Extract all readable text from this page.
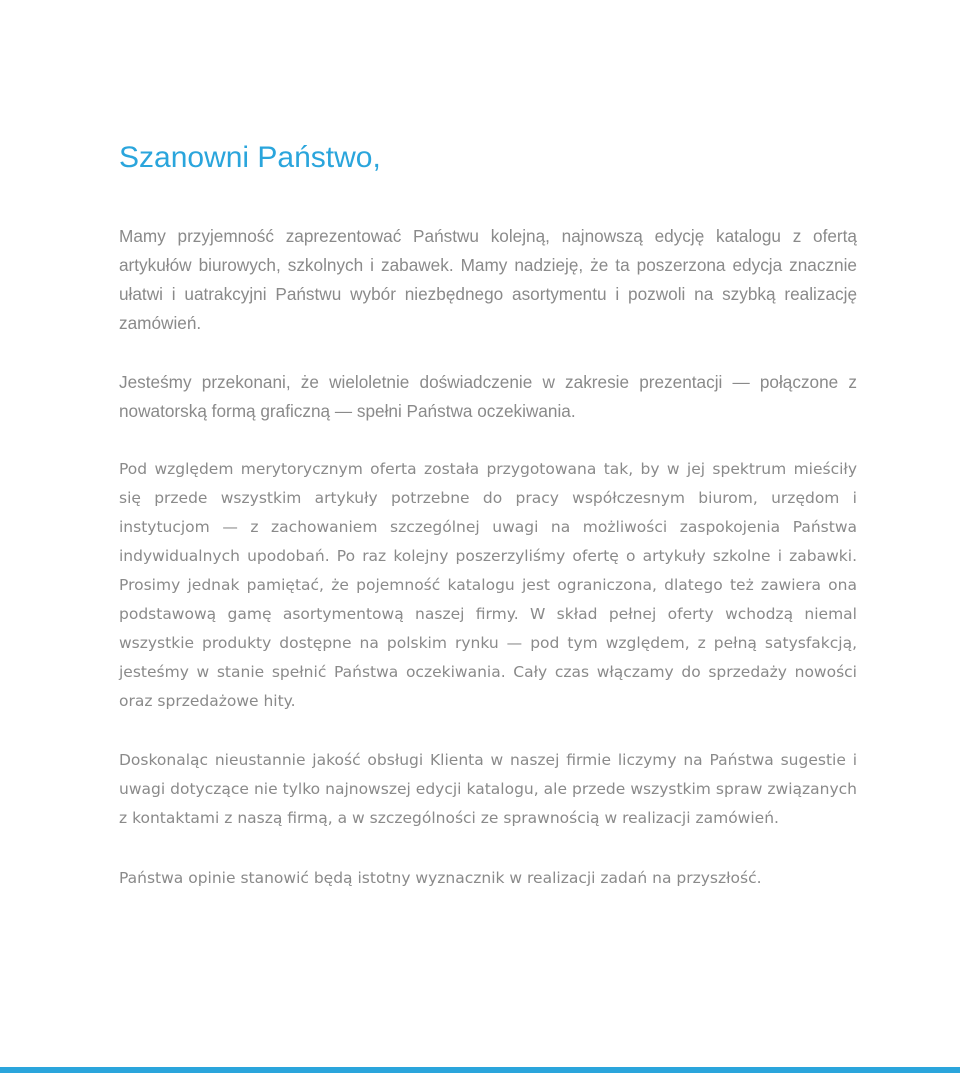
Szanowni Państwo,

Mamy przyjemność zaprezentować Państwu kolejną, najnowszą edycję katalogu z ofertą artykułów biurowych, szkolnych i zabawek. Mamy nadzieję, że ta poszerzona edycja znacznie ułatwi i uatrakcyjni Państwu wybór niezbędnego asortymentu i pozwoli na szybką realizację zamówień.

Jesteśmy przekonani, że wieloletnie doświadczenie w zakresie prezentacji — połączone z nowatorską formą graficzną — spełni Państwa oczekiwania.

Pod względem merytorycznym oferta została przygotowana tak, by w jej spektrum mieściły się przede wszystkim artykuły potrzebne do pracy współczesnym biurom, urzędom i instytucjom — z zachowaniem szczególnej uwagi na możliwości zaspokojenia Państwa indywidualnych upodobań. Po raz kolejny poszerzyliśmy ofertę o artykuły szkolne i zabawki. Prosimy jednak pamiętać, że pojemność katalogu jest ograniczona, dlatego też zawiera ona podstawową gamę asortymentową naszej firmy. W skład pełnej oferty wchodzą niemal wszystkie produkty dostępne na polskim rynku — pod tym względem, z pełną satysfakcją, jesteśmy w stanie spełnić Państwa oczekiwania. Cały czas włączamy do sprzedaży nowości oraz sprzedażowe hity.

Doskonaląc nieustannie jakość obsługi Klienta w naszej firmie liczymy na Państwa sugestie i uwagi dotyczące nie tylko najnowszej edycji katalogu, ale przede wszystkim spraw związanych z kontaktami z naszą firmą, a w szczególności ze sprawnością w realizacji zamówień.

Państwa opinie stanowić będą istotny wyznacznik w realizacji zadań na przyszłość.
